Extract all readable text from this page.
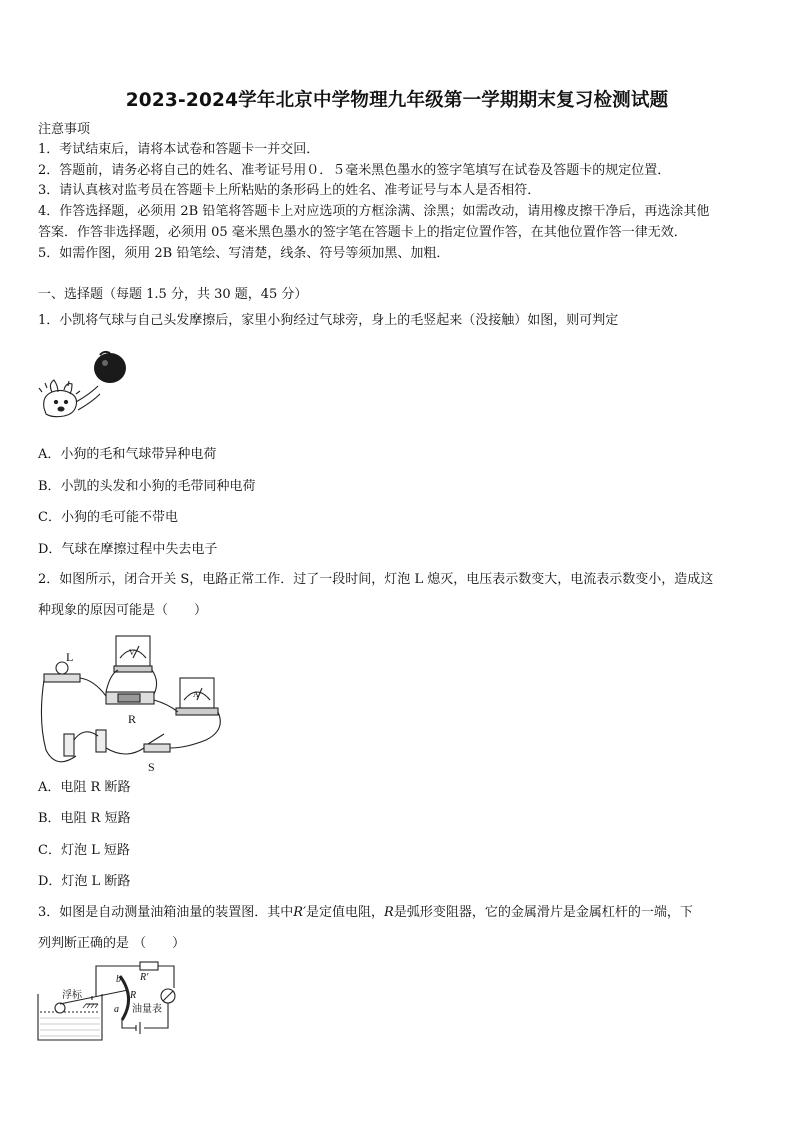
2023-2024学年北京中学物理九年级第一学期期末复习检测试题
注意事项
1．考试结束后，请将本试卷和答题卡一并交回．
2．答题前，请务必将自己的姓名、准考证号用０．５毫米黑色墨水的签字笔填写在试卷及答题卡的规定位置．
3．请认真核对监考员在答题卡上所粘贴的条形码上的姓名、准考证号与本人是否相符．
4．作答选择题，必须用 2B 铅笔将答题卡上对应选项的方框涂满、涂黑；如需改动，请用橡皮擦干净后，再选涂其他
答案．作答非选择题，必须用 05 毫米黑色墨水的签字笔在答题卡上的指定位置作答，在其他位置作答一律无效．
5．如需作图，须用 2B 铅笔绘、写清楚，线条、符号等须加黑、加粗．
一、选择题（每题 1.5 分，共 30 题，45 分）
1．小凯将气球与自己头发摩擦后，家里小狗经过气球旁，身上的毛竖起来（没接触）如图，则可判定
A．小狗的毛和气球带异种电荷
B．小凯的头发和小狗的毛带同种电荷
C．小狗的毛可能不带电
D．气球在摩擦过程中失去电子
2．如图所示，闭合开关 S，电路正常工作．过了一段时间，灯泡 L 熄灭，电压表示数变大，电流表示数变小，造成这
种现象的原因可能是（　　）
L
R
S
V
A
A．电阻 R 断路
B．电阻 R 短路
C．灯泡 L 短路
D．灯泡 L 断路
3．如图是自动测量油箱油量的装置图．其中R′是定值电阻，R是弧形变阻器，它的金属滑片是金属杠杆的一端，下
列判断正确的是 （　　）
浮标
油量表
R′
R
a
b
